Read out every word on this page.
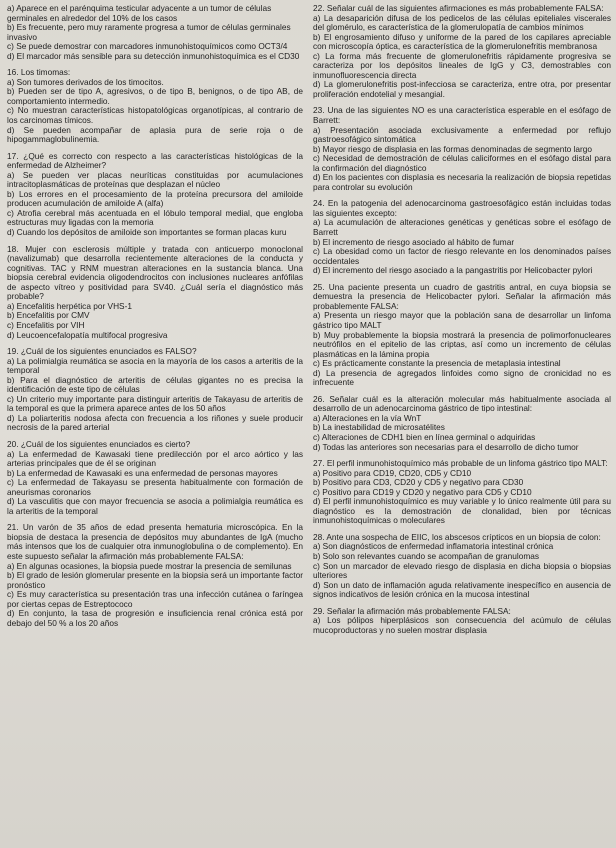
a) Aparece en el parénquima testicular adyacente a un tumor de células germinales en alrededor del 10% de los casos

b) Es frecuente, pero muy raramente progresa a tumor de células germinales invasivo

c) Se puede demostrar con marcadores inmunohistoquímicos como OCT3/4

d) El marcador más sensible para su detección inmunohistoquímica es el CD30

16. Los timomas:

a) Son tumores derivados de los timocitos.

b) Pueden ser de tipo A, agresivos, o de tipo B, benignos, o de tipo AB, de comportamiento intermedio.

c) No muestran características histopatológicas organotípicas, al contrario de los carcinomas tímicos.

d) Se pueden acompañar de aplasia pura de serie roja o de hipogammaglobulinemia.

17. ¿Qué es correcto con respecto a las características histológicas de la enfermedad de Alzheimer?

a) Se pueden ver placas neuríticas constituidas por acumulaciones intracitoplasmáticas de proteínas que desplazan el núcleo

b) Los errores en el procesamiento de la proteína precursora del amiloide producen acumulación de amiloide A (alfa)

c) Atrofia cerebral más acentuada en el lóbulo temporal medial, que engloba estructuras muy ligadas con la memoria

d) Cuando los depósitos de amiloide son importantes se forman placas kuru

18. Mujer con esclerosis múltiple y tratada con anticuerpo monoclonal (navalizumab) que desarrolla recientemente alteraciones de la conducta y cognitivas. TAC y RNM muestran alteraciones en la sustancia blanca. Una biopsia cerebral evidencia oligodendrocitos con inclusiones nucleares anfófilas de aspecto vítreo y positividad para SV40. ¿Cuál sería el diagnóstico más probable?

a) Encefalitis herpética por VHS-1

b) Encefalitis por CMV

c) Encefalitis por VIH

d) Leucoencefalopatía multifocal progresiva

19. ¿Cuál de los siguientes enunciados es FALSO?

a) La polimialgia reumática se asocia en la mayoría de los casos a arteritis de la temporal

b) Para el diagnóstico de arteritis de células gigantes no es precisa la identificación de este tipo de células

c) Un criterio muy importante para distinguir arteritis de Takayasu de arteritis de la temporal es que la primera aparece antes de los 50 años

d) La poliarteritis nodosa afecta con frecuencia a los riñones y suele producir necrosis de la pared arterial

20. ¿Cuál de los siguientes enunciados es cierto?

a) La enfermedad de Kawasaki tiene predilección por el arco aórtico y las arterias principales que de él se originan

b) La enfermedad de Kawasaki es una enfermedad de personas mayores

c) La enfermedad de Takayasu se presenta habitualmente con formación de aneurismas coronarios

d) La vasculitis que con mayor frecuencia se asocia a polimialgia reumática es la arteritis de la temporal

21. Un varón de 35 años de edad presenta hematuria microscópica. En la biopsia de destaca la presencia de depósitos muy abundantes de IgA (mucho más intensos que los de cualquier otra inmunoglobulina o de complemento). En este supuesto señalar la afirmación más probablemente FALSA:

a) En algunas ocasiones, la biopsia puede mostrar la presencia de semilunas

b) El grado de lesión glomerular presente en la biopsia será un importante factor pronóstico

c) Es muy característica su presentación tras una infección cutánea o faríngea por ciertas cepas de Estreptococo

d) En conjunto, la tasa de progresión e insuficiencia renal crónica está por debajo del 50 % a los 20 años

22. Señalar cuál de las siguientes afirmaciones es más probablemente FALSA:

a) La desaparición difusa de los pedicelos de las células epiteliales viscerales del glomérulo, es característica de la glomerulopatía de cambios mínimos

b) El engrosamiento difuso y uniforme de la pared de los capilares apreciable con microscopía óptica, es característica de la glomerulonefritis membranosa

c) La forma más frecuente de glomerulonefritis rápidamente progresiva se caracteriza por los depósitos lineales de IgG y C3, demostrables con inmunofluorescencia directa

d) La glomerulonefritis post-infecciosa se caracteriza, entre otra, por presentar proliferación endotelial y mesangial.

23. Una de las siguientes NO es una característica esperable en el esófago de Barrett:

a) Presentación asociada exclusivamente a enfermedad por reflujo gastroesofágico sintomática

b) Mayor riesgo de displasia en las formas denominadas de segmento largo

c) Necesidad de demostración de células caliciformes en el esófago distal para la confirmación del diagnóstico

d) En los pacientes con displasia es necesaria la realización de biopsia repetidas para controlar su evolución

24. En la patogenia del adenocarcinoma gastroesofágico están incluidas todas las siguientes excepto:

a) La acumulación de alteraciones genéticas y genéticas sobre el esófago de Barrett

b) El incremento de riesgo asociado al hábito de fumar

c) La obesidad como un factor de riesgo relevante en los denominados países occidentales

d) El incremento del riesgo asociado a la pangastritis por Helicobacter pylori

25. Una paciente presenta un cuadro de gastritis antral, en cuya biopsia se demuestra la presencia de Helicobacter pylori. Señalar la afirmación más probablemente FALSA:

a) Presenta un riesgo mayor que la población sana de desarrollar un linfoma gástrico tipo MALT

b) Muy probablemente la biopsia mostrará la presencia de polimorfonucleares neutrófilos en el epitelio de las criptas, así como un incremento de células plasmáticas en la lámina propia

c) Es prácticamente constante la presencia de metaplasia intestinal

d) La presencia de agregados linfoides como signo de cronicidad no es infrecuente

26. Señalar cuál es la alteración molecular más habitualmente asociada al desarrollo de un adenocarcinoma gástrico de tipo intestinal:

a) Alteraciones en la vía WnT

b) La inestabilidad de microsatélites

c) Alteraciones de CDH1 bien en línea germinal o adquiridas

d) Todas las anteriores son necesarias para el desarrollo de dicho tumor

27. El perfil inmunohistoquímico más probable de un linfoma gástrico tipo MALT:

a) Positivo para CD19, CD20, CD5 y CD10

b) Positivo para CD3, CD20 y CD5 y negativo para CD30

c) Positivo para CD19 y CD20 y negativo para CD5 y CD10

d) El perfil inmunohistoquímico es muy variable y lo único realmente útil para su diagnóstico es la demostración de clonalidad, bien por técnicas inmunohistoquímicas o moleculares

28. Ante una sospecha de EIIC, los abscesos crípticos en un biopsia de colon:

a) Son diagnósticos de enfermedad inflamatoria intestinal crónica

b) Solo son relevantes cuando se acompañan de granulomas

c) Son un marcador de elevado riesgo de displasia en dicha biopsia o biopsias ulteriores

d) Son un dato de inflamación aguda relativamente inespecífico en ausencia de signos indicativos de lesión crónica en la mucosa intestinal

29. Señalar la afirmación más probablemente FALSA:

a) Los pólipos hiperplásicos son consecuencia del acúmulo de células mucoproductoras y no suelen mostrar displasia
